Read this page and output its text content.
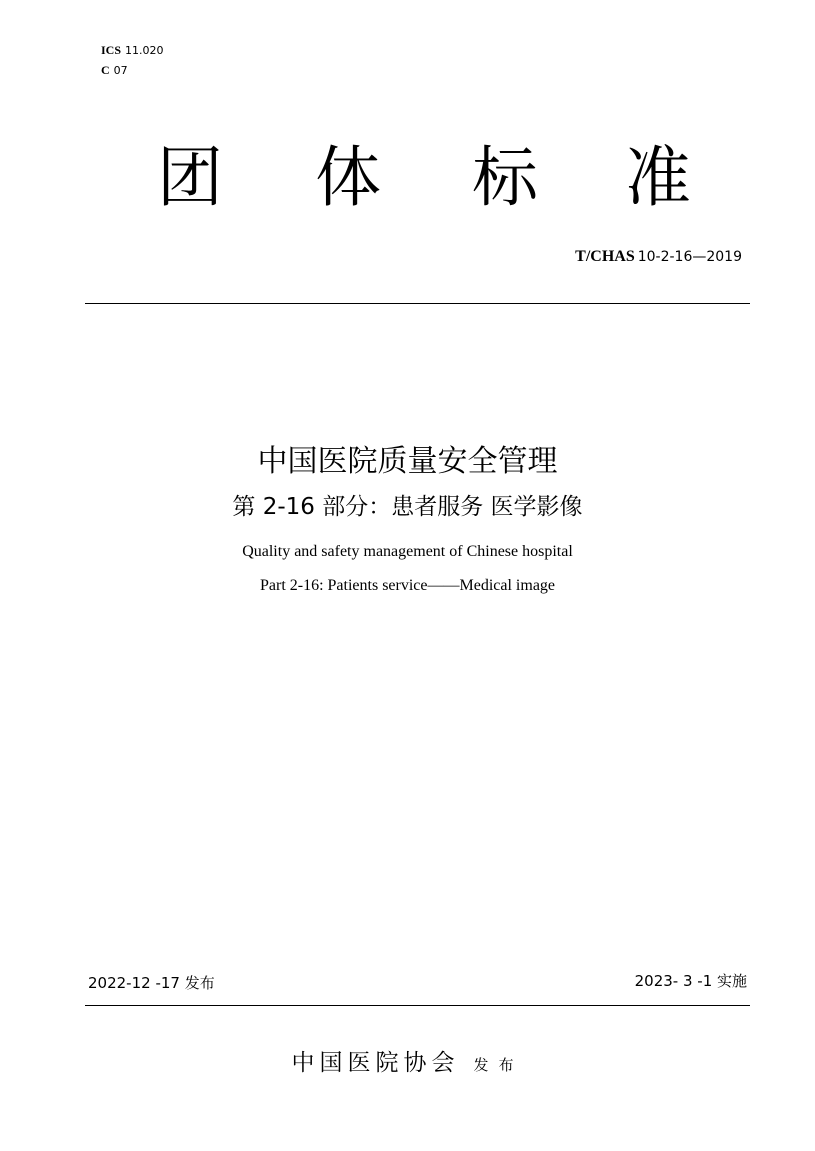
ICS 11.020
C 07
团 体 标 准
T/CHAS 10-2-16—2019
中国医院质量安全管理
第 2-16 部分：患者服务 医学影像
Quality and safety management of Chinese hospital
Part 2-16: Patients service——Medical image
2022-12 -17 发布	2023- 3 -1 实施
中国医院协会 发布
